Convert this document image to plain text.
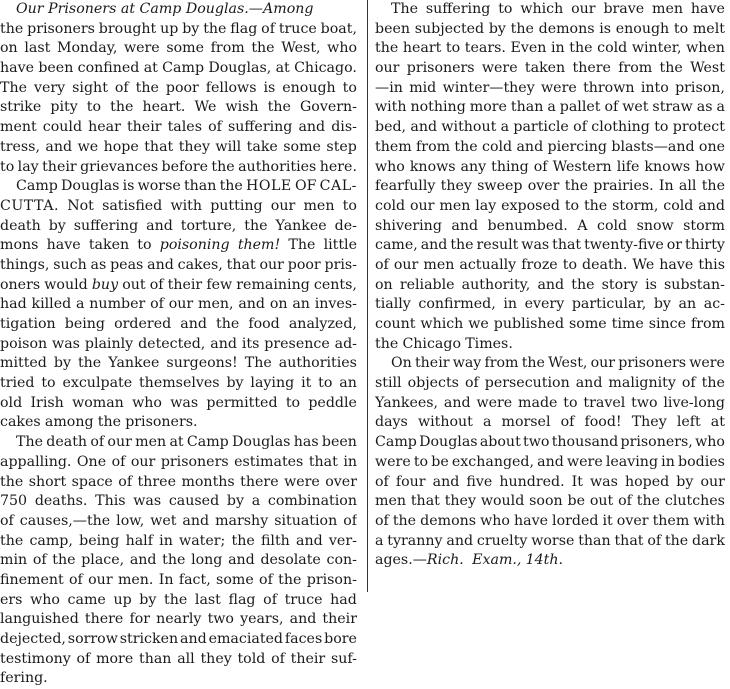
Our Prisoners at Camp Douglas.—Among
the prisoners brought up by the flag of truce boat,
on last Monday, were some from the West, who
have been confined at Camp Douglas, at Chicago.
The very sight of the poor fellows is enough to
strike pity to the heart. We wish the Govern-
ment could hear their tales of suffering and dis-
tress, and we hope that they will take some step
to lay their grievances before the authorities here.
Camp Douglas is worse than the HOLE OF CAL-
CUTTA. Not satisfied with putting our men to
death by suffering and torture, the Yankee de-
mons have taken to poisoning them! The little
things, such as peas and cakes, that our poor pris-
oners would buy out of their few remaining cents,
had killed a number of our men, and on an inves-
tigation being ordered and the food analyzed,
poison was plainly detected, and its presence ad-
mitted by the Yankee surgeons! The authorities
tried to exculpate themselves by laying it to an
old Irish woman who was permitted to peddle
cakes among the prisoners.
The death of our men at Camp Douglas has been
appalling. One of our prisoners estimates that in
the short space of three months there were over
750 deaths. This was caused by a combination
of causes,—the low, wet and marshy situation of
the camp, being half in water; the filth and ver-
min of the place, and the long and desolate con-
finement of our men. In fact, some of the prison-
ers who came up by the last flag of truce had
languished there for nearly two years, and their
dejected, sorrow stricken and emaciated faces bore
testimony of more than all they told of their suf-
fering.
The suffering to which our brave men have
been subjected by the demons is enough to melt
the heart to tears. Even in the cold winter, when
our prisoners were taken there from the West
—in mid winter—they were thrown into prison,
with nothing more than a pallet of wet straw as a
bed, and without a particle of clothing to protect
them from the cold and piercing blasts—and one
who knows any thing of Western life knows how
fearfully they sweep over the prairies. In all the
cold our men lay exposed to the storm, cold and
shivering and benumbed. A cold snow storm
came, and the result was that twenty-five or thirty
of our men actually froze to death. We have this
on reliable authority, and the story is substan-
tially confirmed, in every particular, by an ac-
count which we published some time since from
the Chicago Times.
On their way from the West, our prisoners were
still objects of persecution and malignity of the
Yankees, and were made to travel two live-long
days without a morsel of food! They left at
Camp Douglas about two thousand prisoners, who
were to be exchanged, and were leaving in bodies
of four and five hundred. It was hoped by our
men that they would soon be out of the clutches
of the demons who have lorded it over them with
a tyranny and cruelty worse than that of the dark
ages.—Rich. Exam., 14th.
